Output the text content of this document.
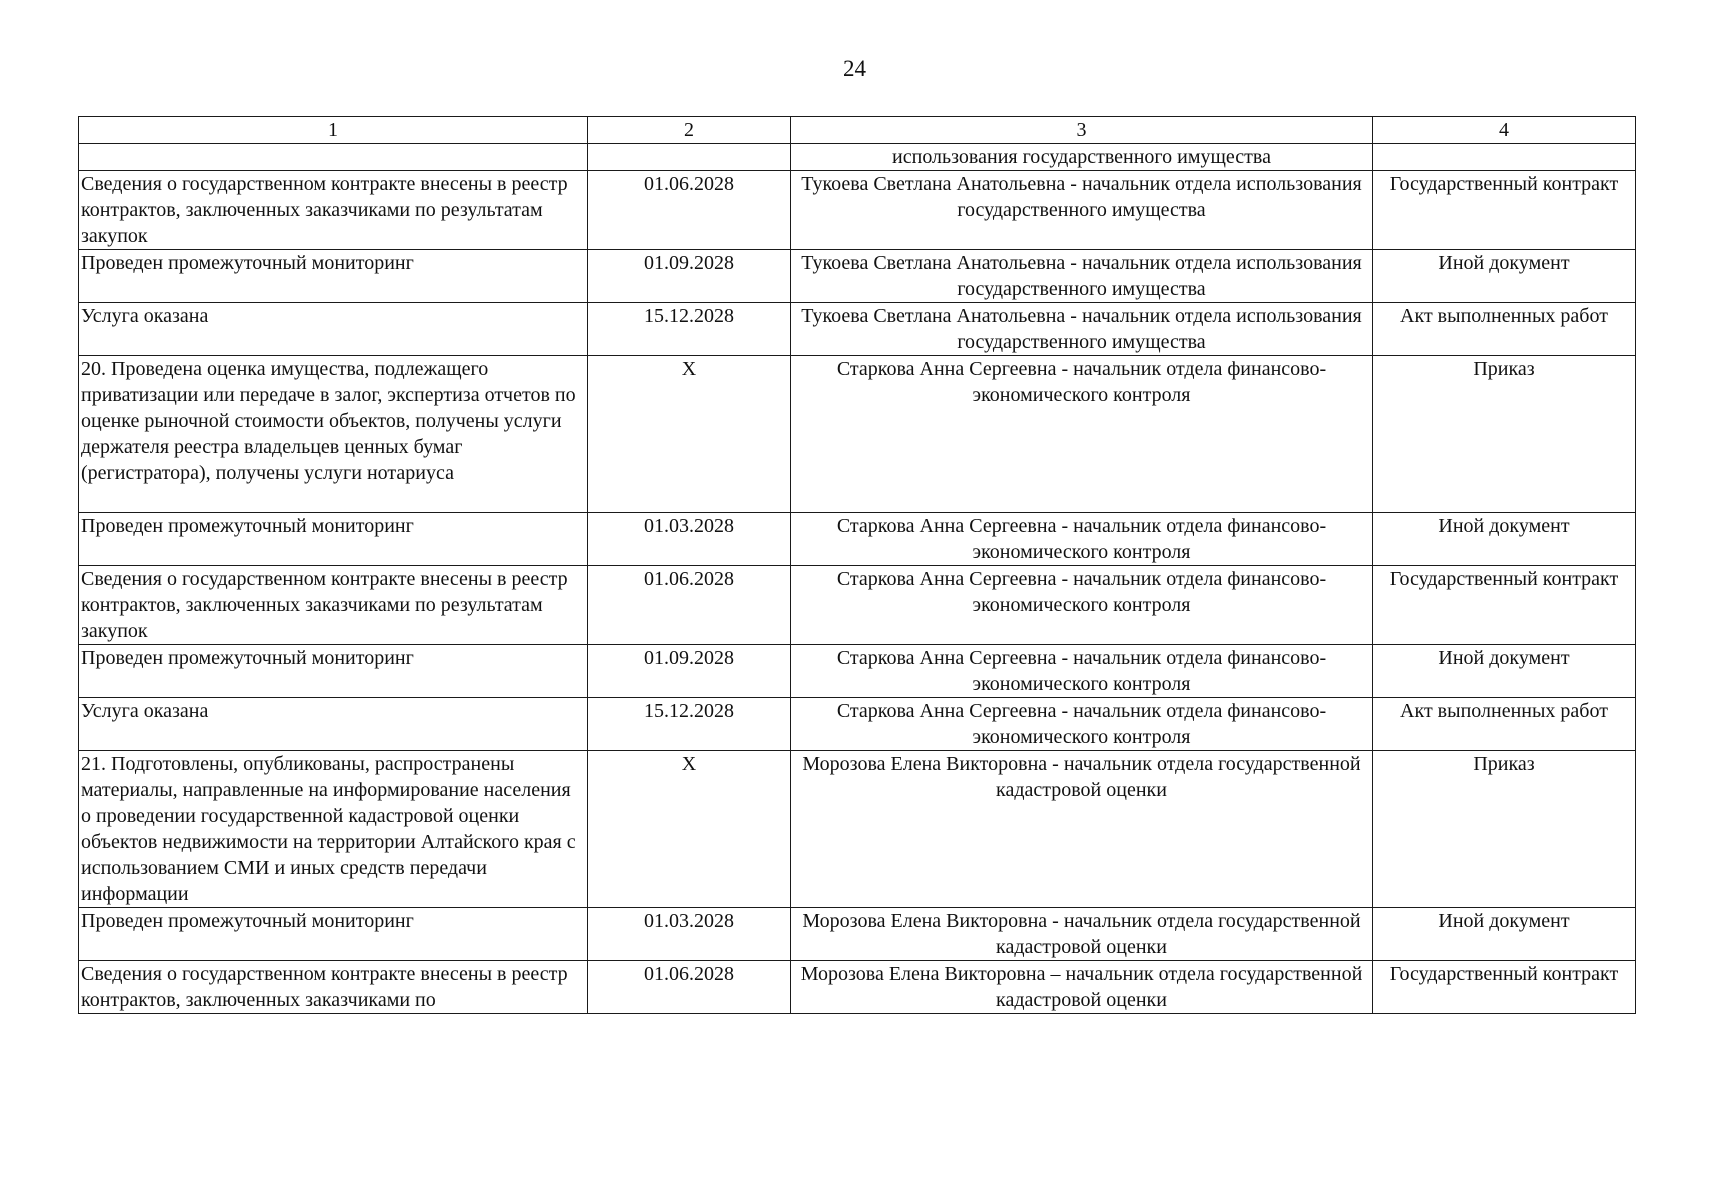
24
1	2	3	4
		использования государственного имущества	
Сведения о государственном контракте внесены в реестр контрактов, заключенных заказчиками по результатам закупок	01.06.2028	Тукоева Светлана Анатольевна - начальник отдела использования государственного имущества	Государственный контракт
Проведен промежуточный мониторинг	01.09.2028	Тукоева Светлана Анатольевна - начальник отдела использования государственного имущества	Иной документ
Услуга оказана	15.12.2028	Тукоева Светлана Анатольевна - начальник отдела использования государственного имущества	Акт выполненных работ
20. Проведена оценка имущества, подлежащего приватизации или передаче в залог, экспертиза отчетов по оценке рыночной стоимости объектов, получены услуги держателя реестра владельцев ценных бумаг (регистратора), получены услуги нотариуса	X	Старкова Анна Сергеевна - начальник отдела финансово-экономического контроля	Приказ
Проведен промежуточный мониторинг	01.03.2028	Старкова Анна Сергеевна - начальник отдела финансово-экономического контроля	Иной документ
Сведения о государственном контракте внесены в реестр контрактов, заключенных заказчиками по результатам закупок	01.06.2028	Старкова Анна Сергеевна - начальник отдела финансово-экономического контроля	Государственный контракт
Проведен промежуточный мониторинг	01.09.2028	Старкова Анна Сергеевна - начальник отдела финансово-экономического контроля	Иной документ
Услуга оказана	15.12.2028	Старкова Анна Сергеевна - начальник отдела финансово-экономического контроля	Акт выполненных работ
21. Подготовлены, опубликованы, распространены материалы, направленные на информирование населения о проведении государственной кадастровой оценки объектов недвижимости на территории Алтайского края с использованием СМИ и иных средств передачи информации	X	Морозова Елена Викторовна - начальник отдела государственной кадастровой оценки	Приказ
Проведен промежуточный мониторинг	01.03.2028	Морозова Елена Викторовна - начальник отдела государственной кадастровой оценки	Иной документ
Сведения о государственном контракте внесены в реестр контрактов, заключенных заказчиками по	01.06.2028	Морозова Елена Викторовна – начальник отдела государственной кадастровой оценки	Государственный контракт
